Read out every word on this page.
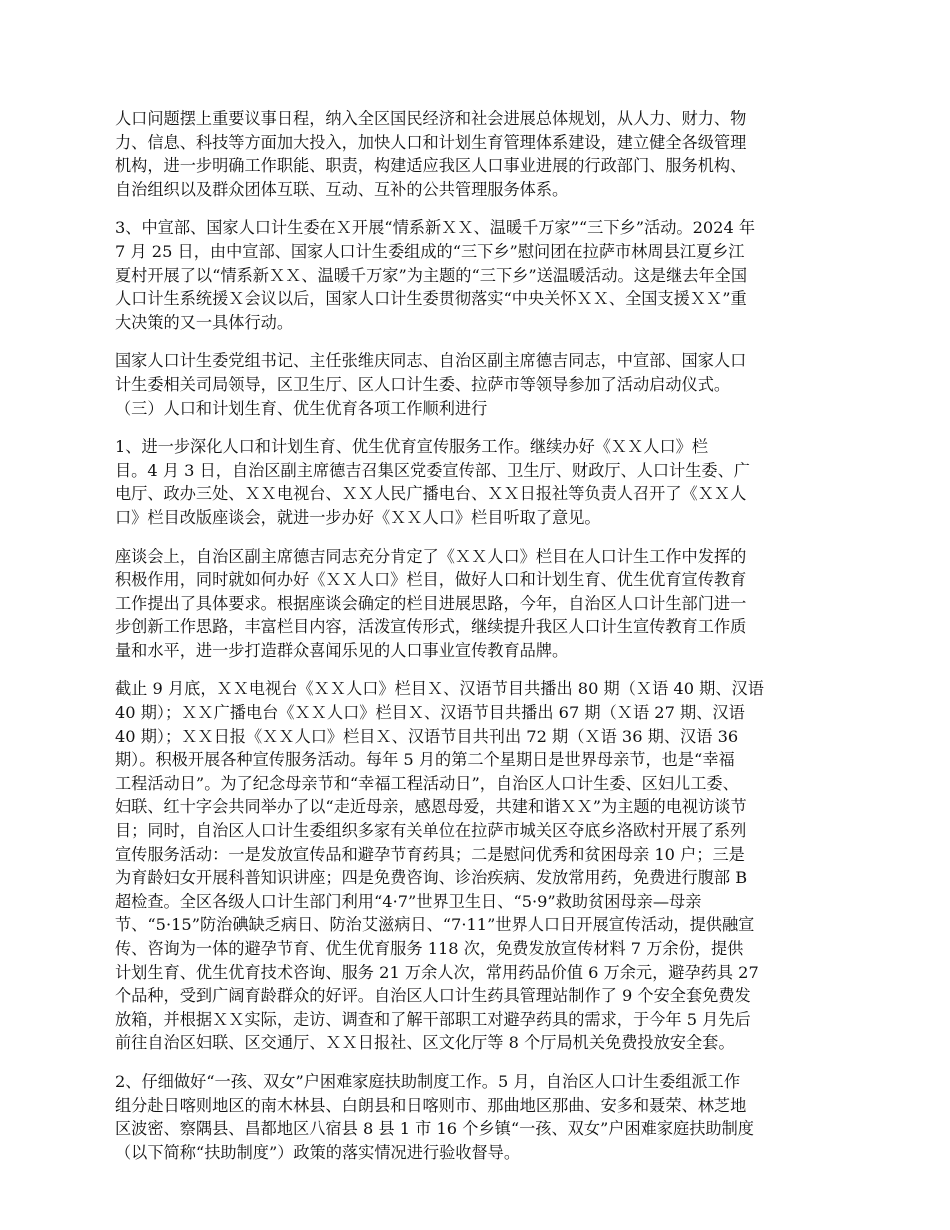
人口问题摆上重要议事日程，纳入全区国民经济和社会进展总体规划，从人力、财力、物
力、信息、科技等方面加大投入，加快人口和计划生育管理体系建设，建立健全各级管理
机构，进一步明确工作职能、职责，构建适应我区人口事业进展的行政部门、服务机构、
自治组织以及群众团体互联、互动、互补的公共管理服务体系。

3、中宣部、国家人口计生委在Ｘ开展“情系新ＸＸ、温暖千万家”“三下乡”活动。2024 年
7 月 25 日，由中宣部、国家人口计生委组成的“三下乡”慰问团在拉萨市林周县江夏乡江
夏村开展了以“情系新ＸＸ、温暖千万家”为主题的“三下乡”送温暖活动。这是继去年全国
人口计生系统援Ｘ会议以后，国家人口计生委贯彻落实“中央关怀ＸＸ、全国支援ＸＸ”重
大决策的又一具体行动。

国家人口计生委党组书记、主任张维庆同志、自治区副主席德吉同志，中宣部、国家人口
计生委相关司局领导，区卫生厅、区人口计生委、拉萨市等领导参加了活动启动仪式。

（三）人口和计划生育、优生优育各项工作顺利进行

1、进一步深化人口和计划生育、优生优育宣传服务工作。继续办好《ＸＸ人口》栏
目。4 月 3 日，自治区副主席德吉召集区党委宣传部、卫生厅、财政厅、人口计生委、广
电厅、政办三处、ＸＸ电视台、ＸＸ人民广播电台、ＸＸ日报社等负责人召开了《ＸＸ人
口》栏目改版座谈会，就进一步办好《ＸＸ人口》栏目听取了意见。

座谈会上，自治区副主席德吉同志充分肯定了《ＸＸ人口》栏目在人口计生工作中发挥的
积极作用，同时就如何办好《ＸＸ人口》栏目，做好人口和计划生育、优生优育宣传教育
工作提出了具体要求。根据座谈会确定的栏目进展思路，今年，自治区人口计生部门进一
步创新工作思路，丰富栏目内容，活泼宣传形式，继续提升我区人口计生宣传教育工作质
量和水平，进一步打造群众喜闻乐见的人口事业宣传教育品牌。

截止 9 月底，ＸＸ电视台《ＸＸ人口》栏目Ｘ、汉语节目共播出 80 期（Ｘ语 40 期、汉语
40 期）；ＸＸ广播电台《ＸＸ人口》栏目Ｘ、汉语节目共播出 67 期（Ｘ语 27 期、汉语
40 期）；ＸＸ日报《ＸＸ人口》栏目Ｘ、汉语节目共刊出 72 期（Ｘ语 36 期、汉语 36
期）。积极开展各种宣传服务活动。每年 5 月的第二个星期日是世界母亲节，也是“幸福
工程活动日”。为了纪念母亲节和“幸福工程活动日”，自治区人口计生委、区妇儿工委、
妇联、红十字会共同举办了以“走近母亲，感恩母爱，共建和谐ＸＸ”为主题的电视访谈节
目；同时，自治区人口计生委组织多家有关单位在拉萨市城关区夺底乡洛欧村开展了系列
宣传服务活动：一是发放宣传品和避孕节育药具；二是慰问优秀和贫困母亲 10 户；三是
为育龄妇女开展科普知识讲座；四是免费咨询、诊治疾病、发放常用药，免费进行腹部 B
超检查。全区各级人口计生部门利用“4·7”世界卫生日、“5·9”救助贫困母亲—母亲
节、“5·15”防治碘缺乏病日、防治艾滋病日、“7·11”世界人口日开展宣传活动，提供融宣
传、咨询为一体的避孕节育、优生优育服务 118 次，免费发放宣传材料 7 万余份，提供
计划生育、优生优育技术咨询、服务 21 万余人次，常用药品价值 6 万余元，避孕药具 27
个品种，受到广阔育龄群众的好评。自治区人口计生药具管理站制作了 9 个安全套免费发
放箱，并根据ＸＸ实际，走访、调查和了解干部职工对避孕药具的需求，于今年 5 月先后
前往自治区妇联、区交通厅、ＸＸ日报社、区文化厅等 8 个厅局机关免费投放安全套。

2、仔细做好“一孩、双女”户困难家庭扶助制度工作。5 月，自治区人口计生委组派工作
组分赴日喀则地区的南木林县、白朗县和日喀则市、那曲地区那曲、安多和聂荣、林芝地
区波密、察隅县、昌都地区八宿县 8 县 1 市 16 个乡镇“一孩、双女”户困难家庭扶助制度
（以下简称“扶助制度”）政策的落实情况进行验收督导。
